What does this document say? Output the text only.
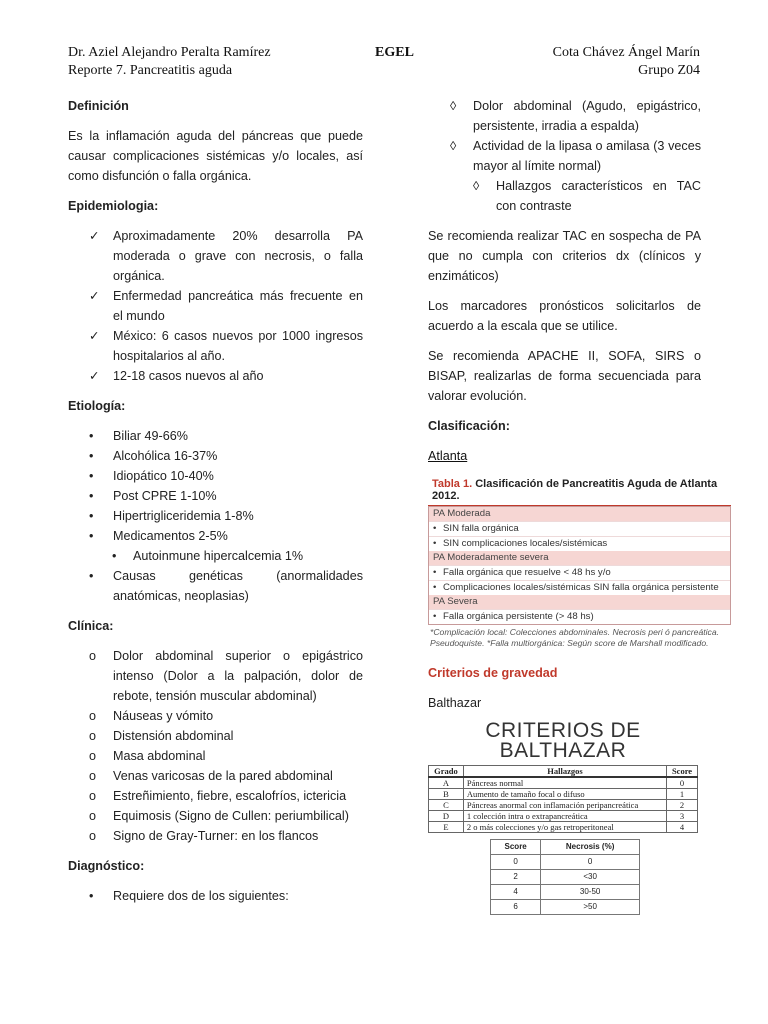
Dr. Aziel Alejandro Peralta Ramírez	EGEL	Cota Chávez Ángel Marín
Reporte 7. Pancreatitis aguda	Grupo Z04
Definición

Es la inflamación aguda del páncreas que puede causar complicaciones sistémicas y/o locales, así como disfunción o falla orgánica.

Epidemiologia:
✓ Aproximadamente 20% desarrolla PA moderada o grave con necrosis, o falla orgánica.
✓ Enfermedad pancreática más frecuente en el mundo
✓ México: 6 casos nuevos por 1000 ingresos hospitalarios al año.
✓ 12-18 casos nuevos al año
Etiología:
• Biliar 49-66%
• Alcohólica 16-37%
• Idiopático 10-40%
• Post CPRE 1-10%
• Hipertrigliceridemia 1-8%
• Medicamentos 2-5%
• Autoinmune hipercalcemia 1%
• Causas genéticas (anormalidades anatómicas, neoplasias)
Clínica:
o Dolor abdominal superior o epigástrico intenso (Dolor a la palpación, dolor de rebote, tensión muscular abdominal)
o Náuseas y vómito
o Distensión abdominal
o Masa abdominal
o Venas varicosas de la pared abdominal
o Estreñimiento, fiebre, escalofríos, ictericia
o Equimosis (Signo de Cullen: periumbilical)
o Signo de Gray-Turner: en los flancos
Diagnóstico:
• Requiere dos de los siguientes:
◊ Dolor abdominal (Agudo, epigástrico, persistente, irradia a espalda)
◊ Actividad de la lipasa o amilasa (3 veces mayor al límite normal)
◊ Hallazgos característicos en TAC con contraste

Se recomienda realizar TAC en sospecha de PA que no cumpla con criterios dx (clínicos y enzimáticos)

Los marcadores pronósticos solicitarlos de acuerdo a la escala que se utilice.

Se recomienda APACHE II, SOFA, SIRS o BISAP, realizarlas de forma secuenciada para valorar evolución.

Clasificación:
Atlanta
Tabla 1. Clasificación de Pancreatitis Aguda de Atlanta 2012.
PA Moderada
• SIN falla orgánica
• SIN complicaciones locales/sistémicas
PA Moderadamente severa
• Falla orgánica que resuelve < 48 hs y/o
• Complicaciones locales/sistémicas SIN falla orgánica persistente
PA Severa
• Falla orgánica persistente (> 48 hs)
*Complicación local: Colecciones abdominales. Necrosis peri ó pancreática. Pseudoquiste. *Falla multiorgánica: Según score de Marshall modificado.
Criterios de gravedad
Balthazar
CRITERIOS DE BALTHAZAR
Grado	Hallazgos	Score
A	Páncreas normal	0
B	Aumento de tamaño focal o difuso	1
C	Páncreas anormal con inflamación peripancreática	2
D	1 colección intra o extrapancreática	3
E	2 o más colecciones y/o gas retroperitoneal	4
Score	Necrosis (%)
0	0
2	<30
4	30-50
6	>50
